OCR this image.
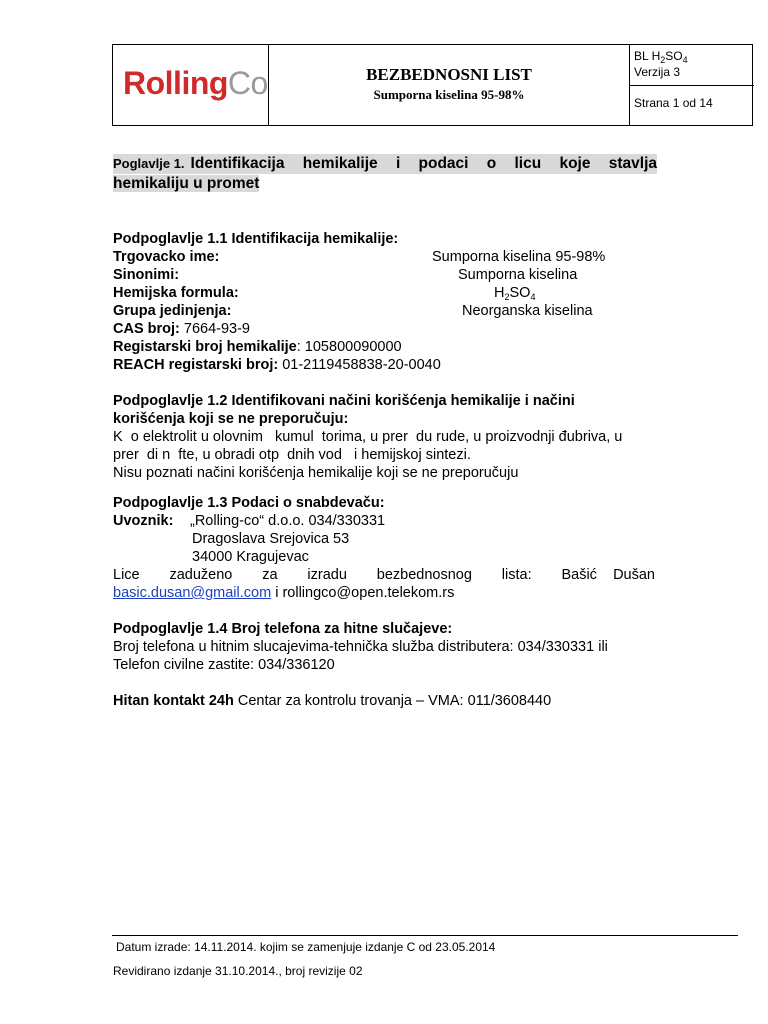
RollingCo	BEZBEDNOSNI LIST
Sumporna kiselina 95-98%
BL $H_2SO_4$
Verzija 3
Strana 1 od 14
Poglavlje 1. Identifikacija hemikalije i podaci o licu koje stavlja
hemikaliju u promet
Podpoglavlje 1.1 Identifikacija hemikalije:
Trgovacko ime:	Sumporna kiselina 95-98%
Sinonimi:	Sumporna kiselina
Hemijska formula:	$H_2SO_4$
Grupa jedinjenja:	Neorganska kiselina
CAS broj: 7664-93-9
Registarski broj hemikalije: 105800090000
REACH registarski broj: 01-2119458838-20-0040
Podpoglavlje 1.2 Identifikovani načini korišćenja hemikalije i načini
korišćenja koji se ne preporučuju:
K  o elektrolit u olovnim   kumul  torima, u prer  du rude, u proizvodnji đubriva, u
prer  di n  fte, u obradi otp  dnih vod   i hemijskoj sintezi.
Nisu poznati načini korišćenja hemikalije koji se ne preporučuju
Podpoglavlje 1.3 Podaci o snabdevaču:
Uvoznik: „Rolling-co“ d.o.o. 034/330331
Dragoslava Srejovica 53
34000 Kragujevac
Lice zaduženo za izradu bezbednosnog lista: Bašić Dušan
basic.dusan@gmail.com i rollingco@open.telekom.rs
Podpoglavlje 1.4 Broj telefona za hitne slučajeve:
Broj telefona u hitnim slucajevima-tehnička služba distributera: 034/330331 ili
Telefon civilne zastite: 034/336120
Hitan kontakt 24h Centar za kontrolu trovanja – VMA: 011/3608440
Datum izrade: 14.11.2014. kojim se zamenjuje izdanje C od 23.05.2014
Revidirano izdanje 31.10.2014., broj revizije 02
